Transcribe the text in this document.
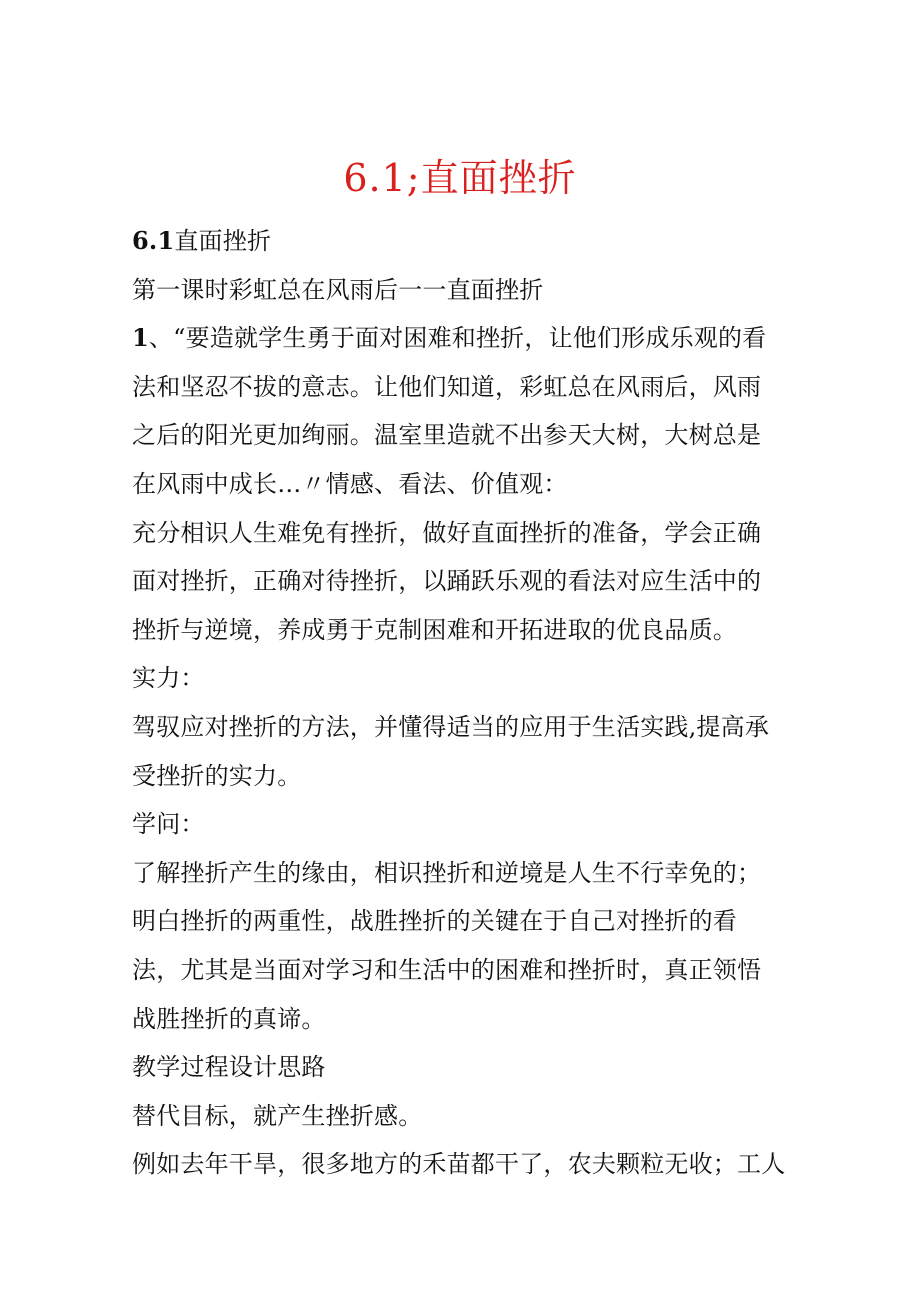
6.1;直面挫折
6.1直面挫折
第一课时彩虹总在风雨后一一直面挫折
1、“要造就学生勇于面对困难和挫折，让他们形成乐观的看
法和坚忍不拔的意志。让他们知道，彩虹总在风雨后，风雨
之后的阳光更加绚丽。温室里造就不出参天大树，大树总是
在风雨中成长…〃情感、看法、价值观：
充分相识人生难免有挫折，做好直面挫折的准备，学会正确
面对挫折，正确对待挫折，以踊跃乐观的看法对应生活中的
挫折与逆境，养成勇于克制困难和开拓进取的优良品质。
实力：
驾驭应对挫折的方法，并懂得适当的应用于生活实践,提高承
受挫折的实力。
学问：
了解挫折产生的缘由，相识挫折和逆境是人生不行幸免的；
明白挫折的两重性，战胜挫折的关键在于自己对挫折的看
法，尤其是当面对学习和生活中的困难和挫折时，真正领悟
战胜挫折的真谛。
教学过程设计思路
替代目标，就产生挫折感。
例如去年干旱，很多地方的禾苗都干了，农夫颗粒无收；工人
